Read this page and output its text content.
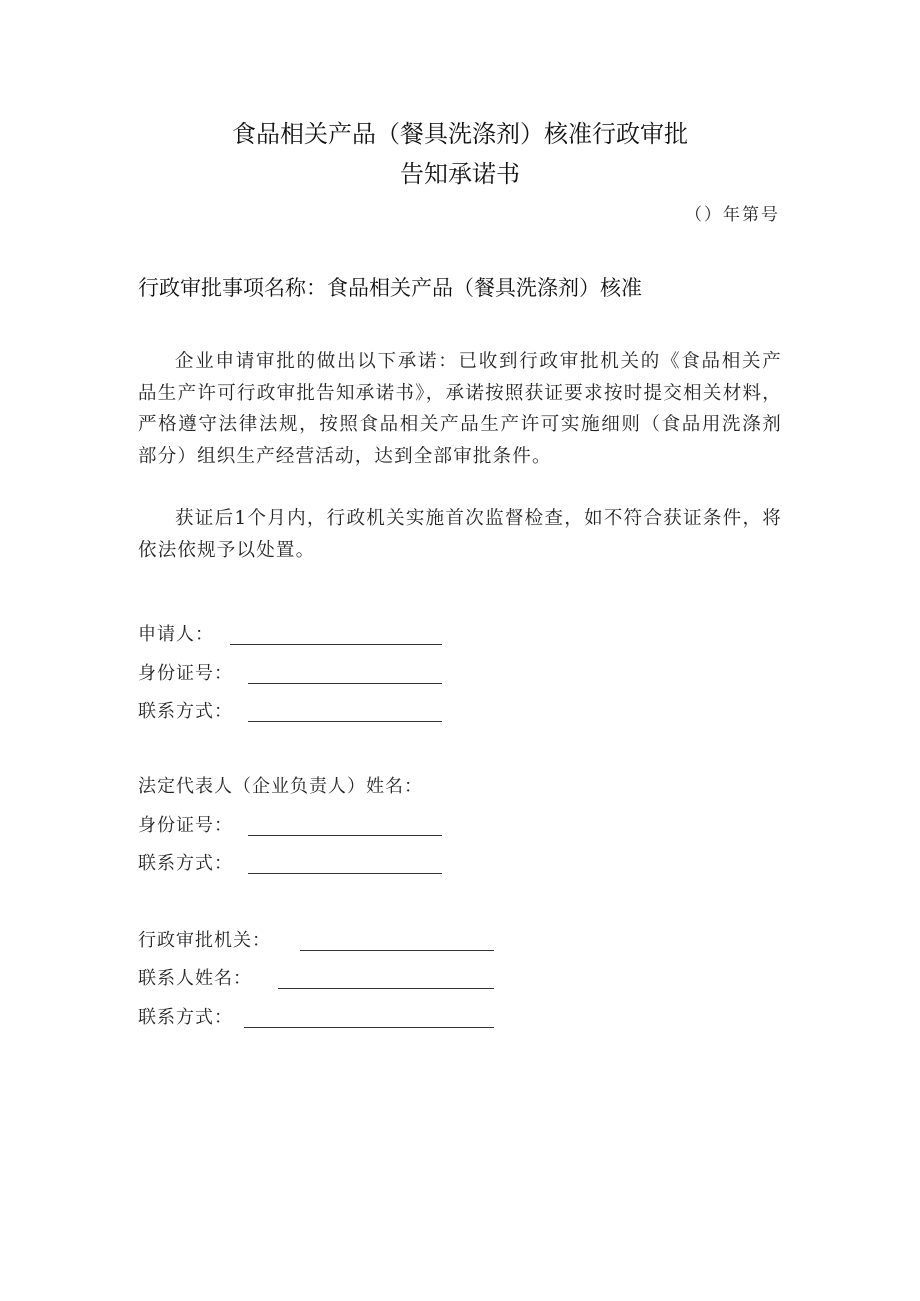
食品相关产品（餐具洗涤剂）核准行政审批
告知承诺书
（）年第号
行政审批事项名称：食品相关产品（餐具洗涤剂）核准

企业申请审批的做出以下承诺：已收到行政审批机关的《食品相关产品生产许可行政审批告知承诺书》，承诺按照获证要求按时提交相关材料，严格遵守法律法规，按照食品相关产品生产许可实施细则（食品用洗涤剂部分）组织生产经营活动，达到全部审批条件。

获证后1个月内，行政机关实施首次监督检查，如不符合获证条件，将依法依规予以处置。

申请人：
身份证号：
联系方式：
法定代表人（企业负责人）姓名：
身份证号：
联系方式：
行政审批机关：
联系人姓名：
联系方式：
